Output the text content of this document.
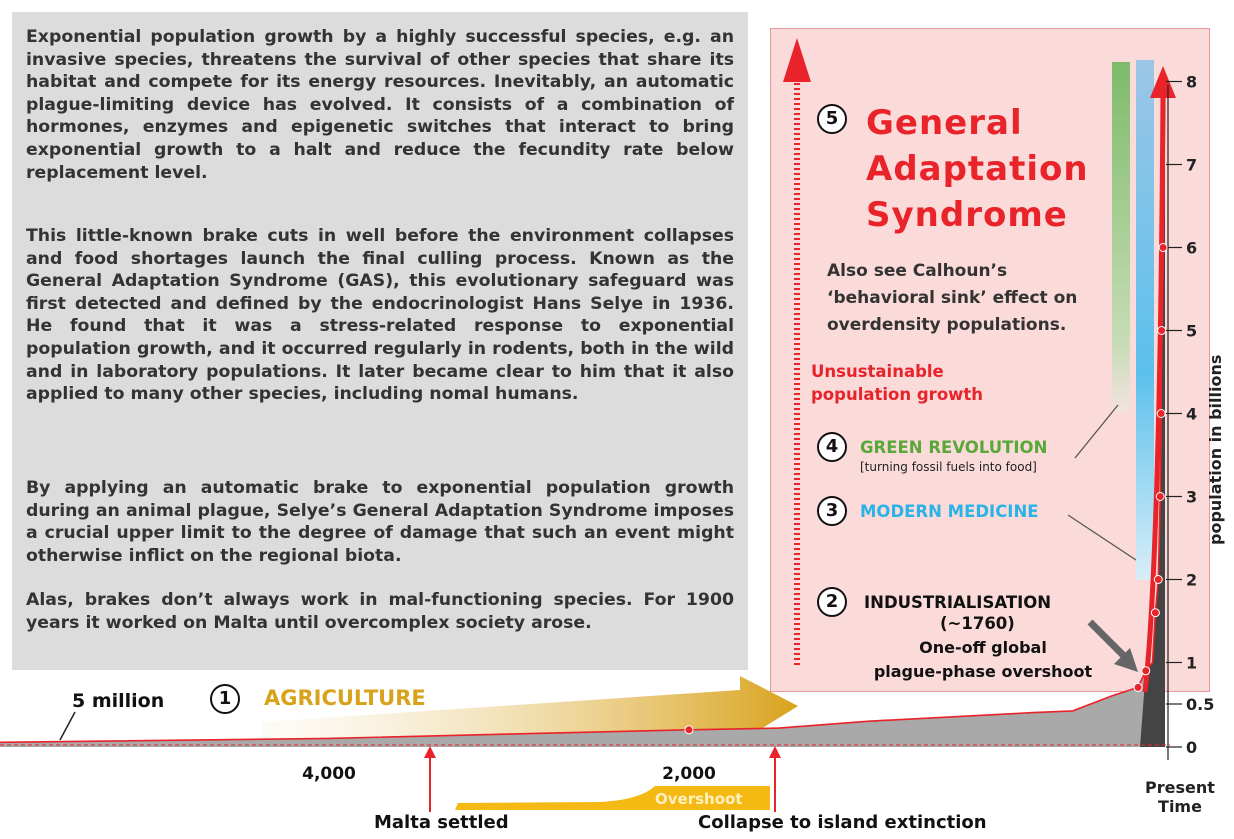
Exponential population growth by a highly successful species, e.g. an invasive species, threatens the survival of other species that share its habitat and compete for its energy resources. Inevitably, an automatic plague-limiting device has evolved. It consists of a combination of hormones, enzymes and epigenetic switches that interact to bring exponential growth to a halt and reduce the fecundity rate below replacement level.

This little-known brake cuts in well before the environment collapses and food shortages launch the final culling process. Known as the General Adaptation Syndrome (GAS), this evolutionary safeguard was first detected and defined by the endocrinologist Hans Selye in 1936. He found that it was a stress-related response to exponential population growth, and it occurred regularly in rodents, both in the wild and in laboratory populations. It later became clear to him that it also applied to many other species, including nomal humans.

By applying an automatic brake to exponential population growth during an animal plague, Selye’s General Adaptation Syndrome imposes a crucial upper limit to the degree of damage that such an event might otherwise inflict on the regional biota.

Alas, brakes don’t always work in mal-functioning species. For 1900 years it worked on Malta until overcomplex society arose.

0
0.5
1
2
3
4
5
6
7
8
4,000	2,000
Present
Time
5 General
Adaptation
Syndrome
Also see Calhoun’s
‘behavioral sink’ effect on
overdensity populations.
Unsustainable
population growth
4	GREEN REVOLUTION
[turning fossil fuels into food]
3	MODERN MEDICINE
2	INDUSTRIALISATION
(~1760)
One-off global
plague-phase overshoot
1	AGRICULTURE
5 million
Overshoot
Malta settled	Collapse to island extinction
population in billions
